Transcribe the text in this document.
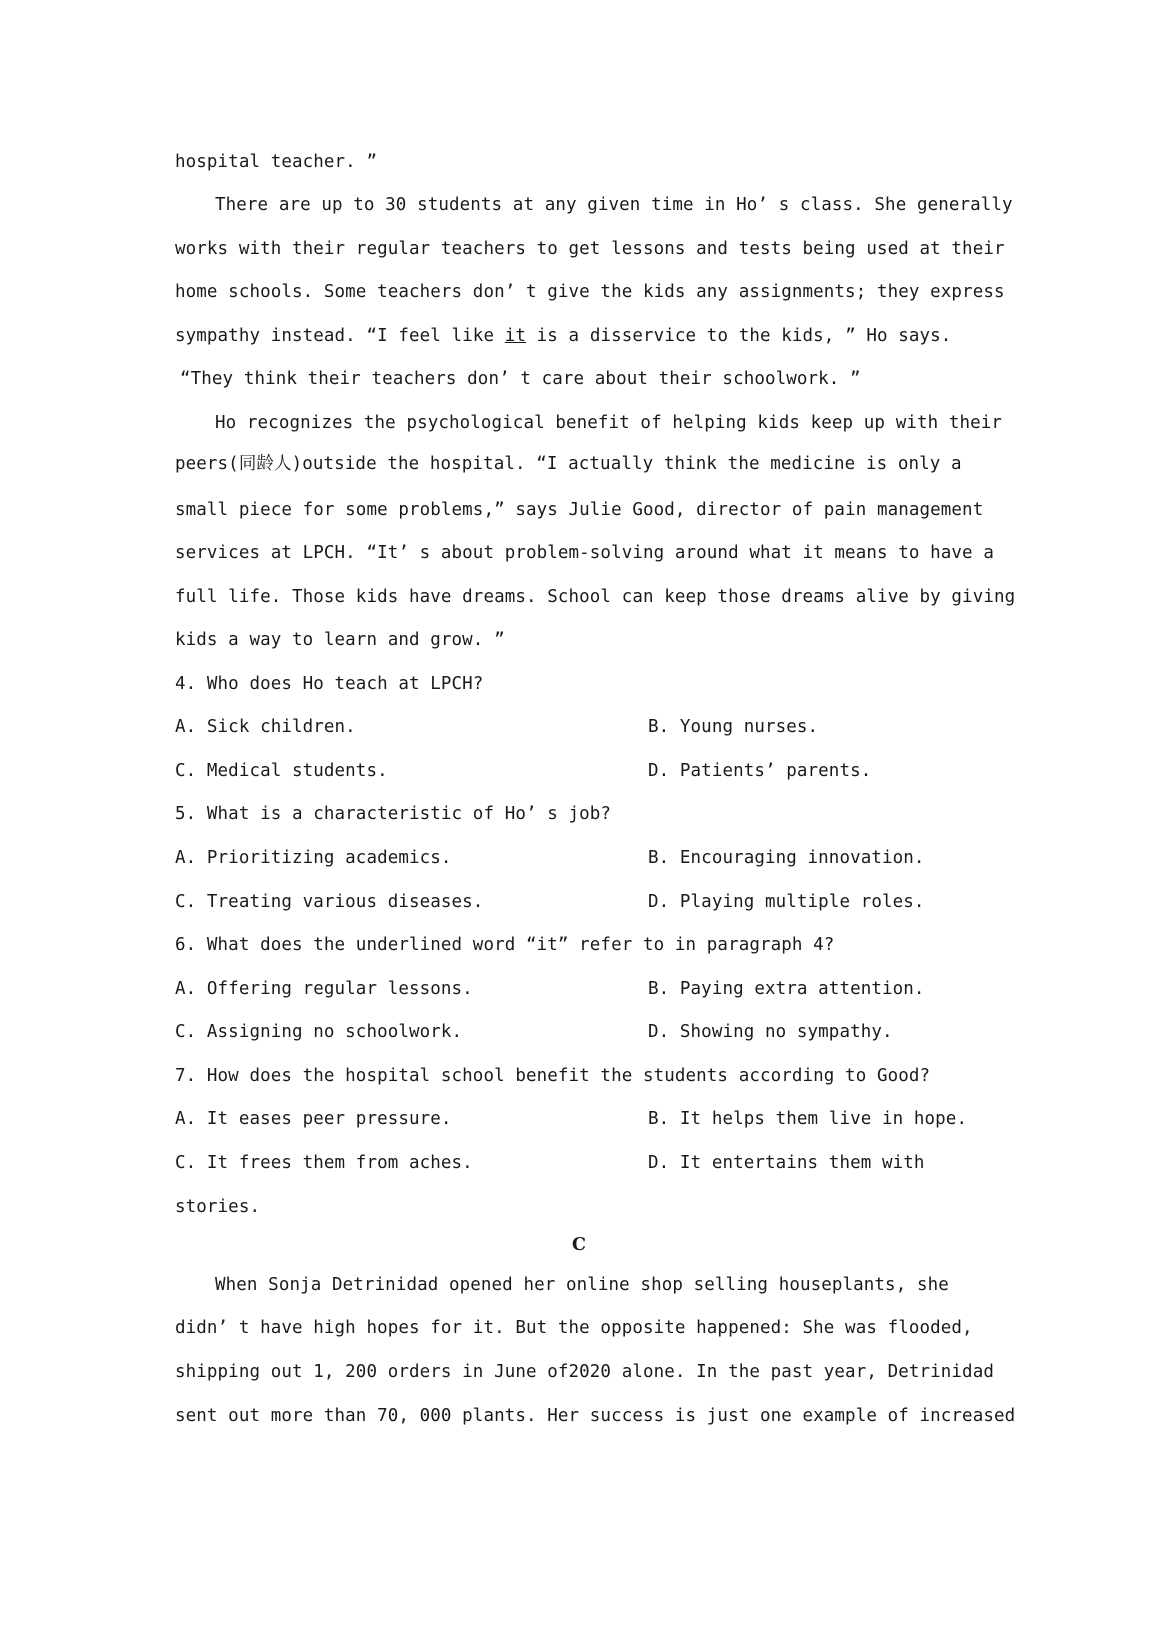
hospital teacher. ”
There are up to 30 students at any given time in Ho’ s class. She generally
works with their regular teachers to get lessons and tests being used at their
home schools. Some teachers don’ t give the kids any assignments; they express
sympathy instead. “I feel like it is a disservice to the kids, ” Ho says.
“They think their teachers don’ t care about their schoolwork. ”
Ho recognizes the psychological benefit of helping kids keep up with their
peers(同龄人)outside the hospital. “I actually think the medicine is only a
small piece for some problems,” says Julie Good, director of pain management
services at LPCH. “It’ s about problem-solving around what it means to have a
full life. Those kids have dreams. School can keep those dreams alive by giving
kids a way to learn and grow. ”
4. Who does Ho teach at LPCH?
A. Sick children.	B. Young nurses.
C. Medical students.	D. Patients’ parents.
5. What is a characteristic of Ho’ s job?
A. Prioritizing academics.	B. Encouraging innovation.
C. Treating various diseases.	D. Playing multiple roles.
6. What does the underlined word “it” refer to in paragraph 4?
A. Offering regular lessons.	B. Paying extra attention.
C. Assigning no schoolwork.	D. Showing no sympathy.
7. How does the hospital school benefit the students according to Good?
A. It eases peer pressure.	B. It helps them live in hope.
C. It frees them from aches.	D. It entertains them with
stories.
C
When Sonja Detrinidad opened her online shop selling houseplants, she
didn’ t have high hopes for it. But the opposite happened: She was flooded,
shipping out 1, 200 orders in June of2020 alone. In the past year, Detrinidad
sent out more than 70, 000 plants. Her success is just one example of increased
